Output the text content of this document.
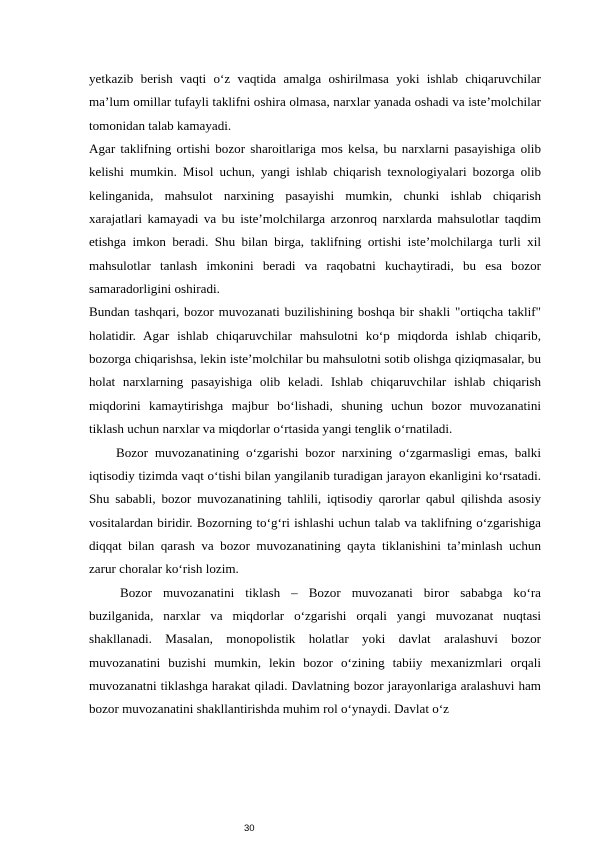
yetkazib berish vaqti o‘z vaqtida amalga oshirilmasa yoki ishlab chiqaruvchilar ma’lum omillar tufayli taklifni oshira olmasa, narxlar yanada oshadi va iste’molchilar tomonidan talab kamayadi.

Agar taklifning ortishi bozor sharoitlariga mos kelsa, bu narxlarni pasayishiga olib kelishi mumkin. Misol uchun, yangi ishlab chiqarish texnologiyalari bozorga olib kelinganida, mahsulot narxining pasayishi mumkin, chunki ishlab chiqarish xarajatlari kamayadi va bu iste’molchilarga arzonroq narxlarda mahsulotlar taqdim etishga imkon beradi. Shu bilan birga, taklifning ortishi iste’molchilarga turli xil mahsulotlar tanlash imkonini beradi va raqobatni kuchaytiradi, bu esa bozor samaradorligini oshiradi.

Bundan tashqari, bozor muvozanati buzilishining boshqa bir shakli "ortiqcha taklif" holatidir. Agar ishlab chiqaruvchilar mahsulotni ko‘p miqdorda ishlab chiqarib, bozorga chiqarishsa, lekin iste’molchilar bu mahsulotni sotib olishga qiziqmasalar, bu holat narxlarning pasayishiga olib keladi. Ishlab chiqaruvchilar ishlab chiqarish miqdorini kamaytirishga majbur bo‘lishadi, shuning uchun bozor muvozanatini tiklash uchun narxlar va miqdorlar o‘rtasida yangi tenglik o‘rnatiladi.

Bozor muvozanatining o‘zgarishi bozor narxining o‘zgarmasligi emas, balki iqtisodiy tizimda vaqt o‘tishi bilan yangilanib turadigan jarayon ekanligini ko‘rsatadi. Shu sababli, bozor muvozanatining tahlili, iqtisodiy qarorlar qabul qilishda asosiy vositalardan biridir. Bozorning to‘g‘ri ishlashi uchun talab va taklifning o‘zgarishiga diqqat bilan qarash va bozor muvozanatining qayta tiklanishini ta’minlash uchun zarur choralar ko‘rish lozim.

Bozor muvozanatini tiklash – Bozor muvozanati biror sababga ko‘ra buzilganida, narxlar va miqdorlar o‘zgarishi orqali yangi muvozanat nuqtasi shakllanadi. Masalan, monopolistik holatlar yoki davlat aralashuvi bozor muvozanatini buzishi mumkin, lekin bozor o‘zining tabiiy mexanizmlari orqali muvozanatni tiklashga harakat qiladi. Davlatning bozor jarayonlariga aralashuvi ham bozor muvozanatini shakllantirishda muhim rol o‘ynaydi. Davlat o‘z

30
